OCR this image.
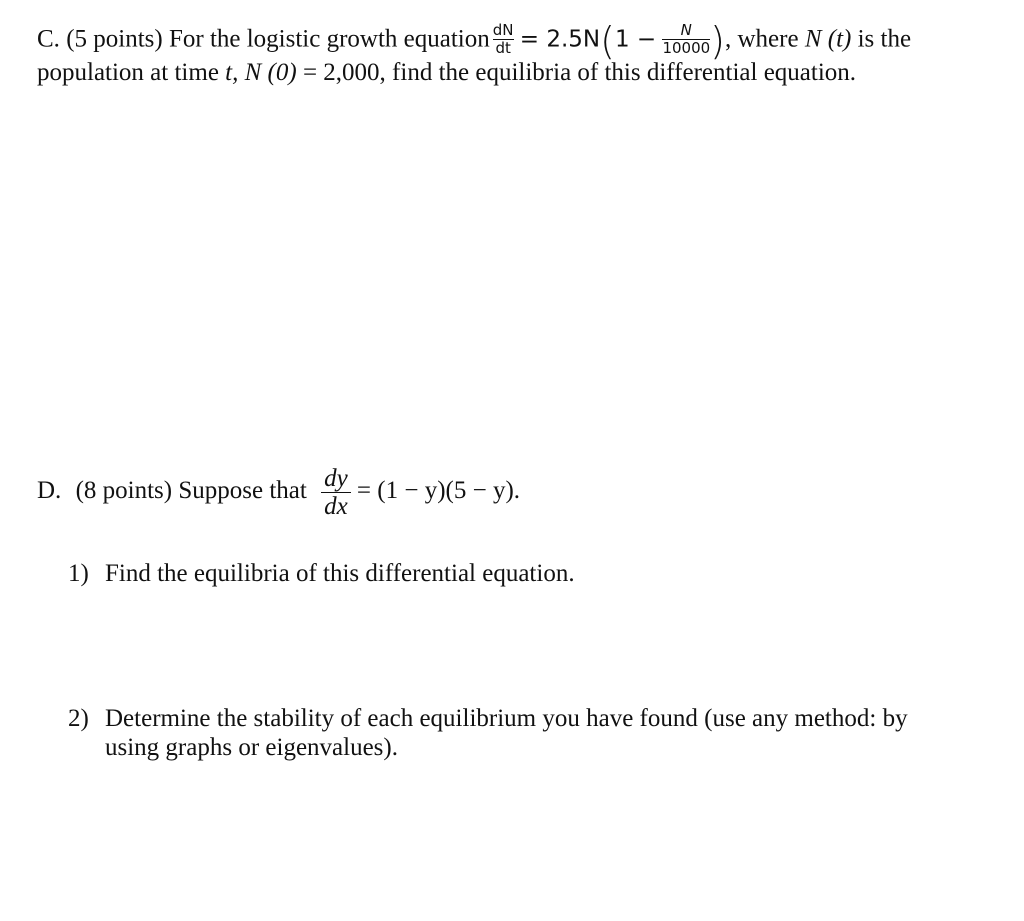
C. (5 points) For the logistic growth equation $\frac{dN}{dt} = 2.5N(1 - \frac{N}{10000}$ ), where N (t) is the
population at time t, N (0) = 2,000, find the equilibria of this differential equation.
D. (8 points) Suppose that $\frac{dy}{dx} = (1 - y)(5 - y)$.
1) Find the equilibria of this differential equation.
2) Determine the stability of each equilibrium you have found (use any method: by
using graphs or eigenvalues).
